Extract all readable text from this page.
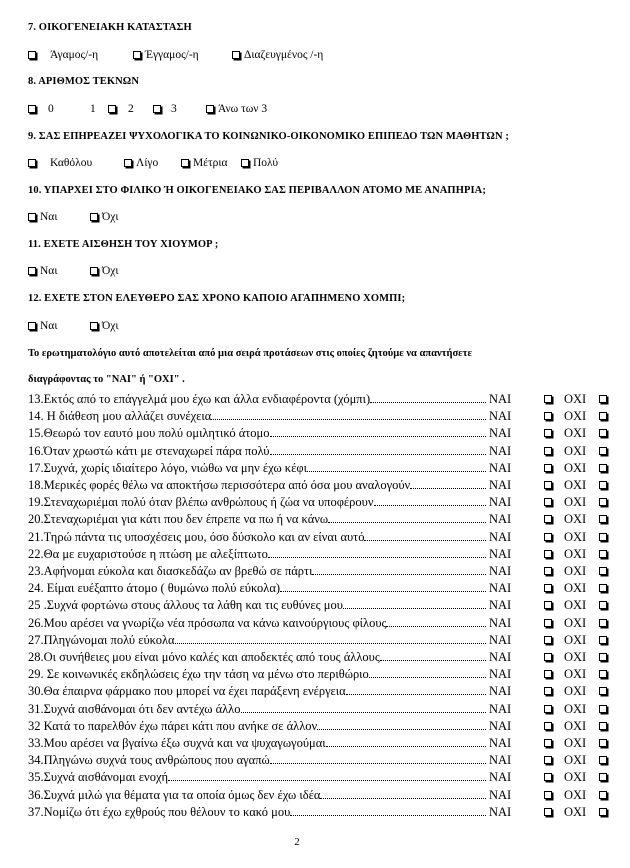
7. ΟΙΚΟΓΕΝΕΙΑΚΗ ΚΑΤΑΣΤΑΣΗ
Άγαμος/-η	Έγγαμος/-η	Διαζευγμένος /-η
8. ΑΡΙΘΜΟΣ ΤΕΚΝΩΝ
0	1	2	3	Άνω των 3
9. ΣΑΣ ΕΠΗΡΕΑΖΕΙ ΨΥΧΟΛΟΓΙΚΑ ΤΟ ΚΟΙΝΩΝΙΚΟ-ΟΙΚΟΝΟΜΙΚΟ ΕΠΙΠΕΔΟ ΤΩΝ ΜΑΘΗΤΩΝ ;
Καθόλου	Λίγο	Μέτρια Πολύ
10. ΥΠΑΡΧΕΙ ΣΤΟ ΦΙΛΙΚΟ Ή ΟΙΚΟΓΕΝΕΙΑΚΟ ΣΑΣ ΠΕΡΙΒΑΛΛΟΝ ΑΤΟΜΟ ΜΕ ΑΝΑΠΗΡΙΑ;
Ναι	Όχι
11. ΕΧΕΤΕ ΑΙΣΘΗΣΗ ΤΟΥ ΧΙΟΥΜΟΡ ;
Ναι	Όχι
12. ΕΧΕΤΕ ΣΤΟΝ ΕΛΕΥΘΕΡΟ ΣΑΣ ΧΡΟΝΟ ΚΑΠΟΙΟ ΑΓΑΠΗΜΕΝΟ ΧΟΜΠΙ;
Ναι	Όχι
Το ερωτηματολόγιο αυτό αποτελείται από μια σειρά προτάσεων στις οποίες ζητούμε να απαντήσετε
διαγράφοντας το "ΝΑΙ" ή "ΟΧΙ" .
13.Εκτός από το επάγγελμά μου έχω και άλλα ενδιαφέροντα (χόμπι)	ΝΑΙ	ΟΧΙ
14. Η διάθεση μου αλλάζει συνέχεια	ΝΑΙ	ΟΧΙ
15.Θεωρώ τον εαυτό μου πολύ ομιλητικό άτομο	ΝΑΙ	ΟΧΙ
16.Όταν χρωστώ κάτι με στεναχωρεί πάρα πολύ	ΝΑΙ	ΟΧΙ
17.Συχνά, χωρίς ιδιαίτερο λόγο, νιώθω να μην έχω κέφι	ΝΑΙ	ΟΧΙ
18.Μερικές φορές θέλω να αποκτήσω περισσότερα από όσα μου αναλογούν	ΝΑΙ	ΟΧΙ
19.Στεναχωριέμαι πολύ όταν βλέπω ανθρώπους ή ζώα να υποφέρουν	ΝΑΙ	ΟΧΙ
20.Στεναχωριέμαι για κάτι που δεν έπρεπε να πω ή να κάνω	ΝΑΙ	ΟΧΙ
21.Τηρώ πάντα τις υποσχέσεις μου, όσο δύσκολο και αν είναι αυτό	ΝΑΙ	ΟΧΙ
22.Θα με ευχαριστούσε η πτώση με αλεξίπτωτο	ΝΑΙ	ΟΧΙ
23.Αφήνομαι εύκολα και διασκεδάζω αν βρεθώ σε πάρτι	ΝΑΙ	ΟΧΙ
24. Είμαι ευέξαπτο άτομο ( θυμώνω πολύ εύκολα)	ΝΑΙ	ΟΧΙ
25 .Συχνά φορτώνω στους άλλους τα λάθη και τις ευθύνες μου	ΝΑΙ	ΟΧΙ
26.Μου αρέσει να γνωρίζω νέα πρόσωπα να κάνω καινούργιους φίλους	ΝΑΙ	ΟΧΙ
27.Πληγώνομαι πολύ εύκολα	ΝΑΙ	ΟΧΙ
28.Οι συνήθειες μου είναι μόνο καλές και αποδεκτές από τους άλλους	ΝΑΙ	ΟΧΙ
29. Σε κοινωνικές εκδηλώσεις έχω την τάση να μένω στο περιθώριο	ΝΑΙ	ΟΧΙ
30.Θα έπαιρνα φάρμακο που μπορεί να έχει παράξενη ενέργεια	ΝΑΙ	ΟΧΙ
31.Συχνά αισθάνομαι ότι δεν αντέχω άλλο	ΝΑΙ	ΟΧΙ
32 Κατά το παρελθόν έχω πάρει κάτι που ανήκε σε άλλον	ΝΑΙ	ΟΧΙ
33.Μου αρέσει να βγαίνω έξω συχνά και να ψυχαγωγούμαι	ΝΑΙ	ΟΧΙ
34.Πληγώνω συχνά τους ανθρώπους που αγαπώ	ΝΑΙ	ΟΧΙ
35.Συχνά αισθάνομαι ενοχή	ΝΑΙ	ΟΧΙ
36.Συχνά μιλώ για θέματα για τα οποία όμως δεν έχω ιδέα	ΝΑΙ	ΟΧΙ
37.Νομίζω ότι έχω εχθρούς που θέλουν το κακό μου	ΝΑΙ	ΟΧΙ
2
